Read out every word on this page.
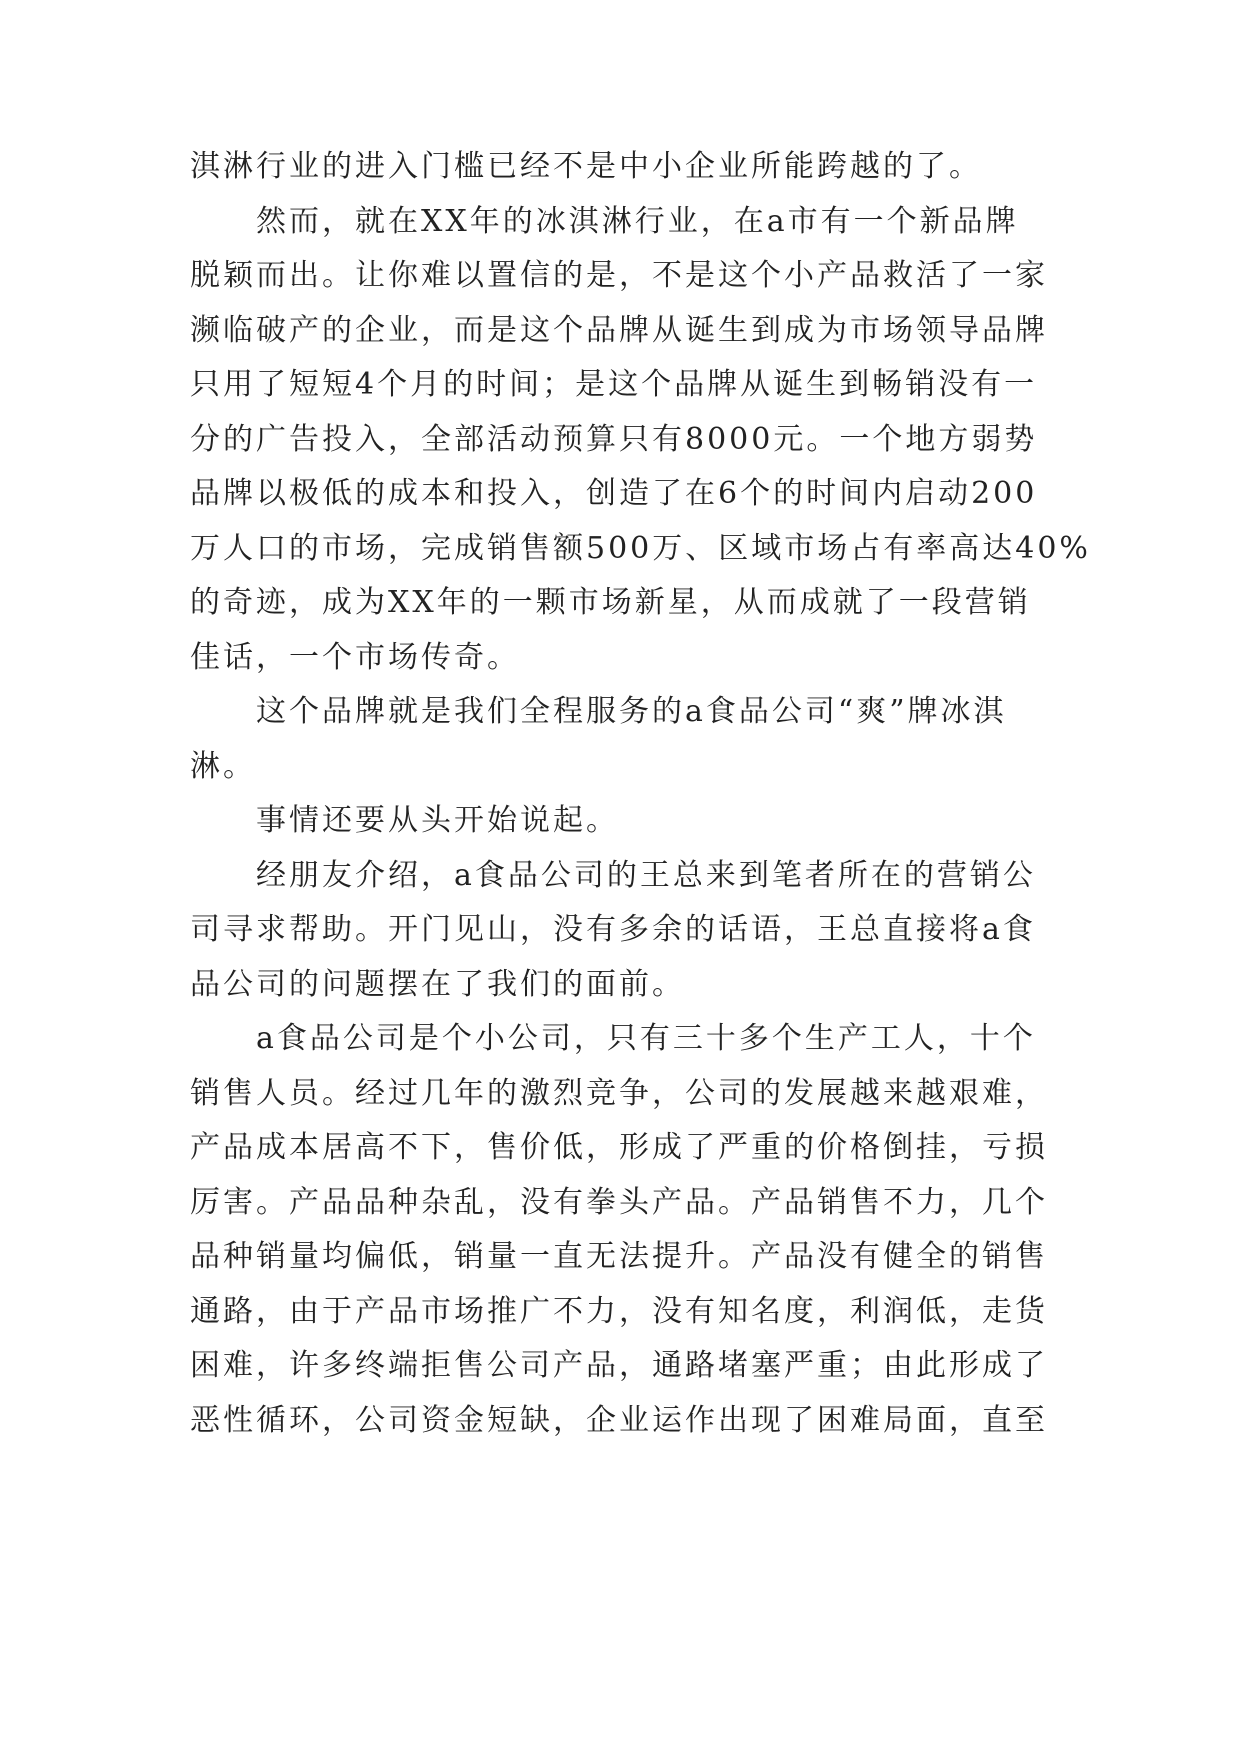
淇淋行业的进入门槛已经不是中小企业所能跨越的了。
然而，就在XX年的冰淇淋行业，在a市有一个新品牌
脱颖而出。让你难以置信的是，不是这个小产品救活了一家
濒临破产的企业，而是这个品牌从诞生到成为市场领导品牌
只用了短短4个月的时间；是这个品牌从诞生到畅销没有一
分的广告投入，全部活动预算只有8000元。一个地方弱势
品牌以极低的成本和投入，创造了在6个的时间内启动200
万人口的市场，完成销售额500万、区域市场占有率高达40%
的奇迹，成为XX年的一颗市场新星，从而成就了一段营销
佳话，一个市场传奇。
这个品牌就是我们全程服务的a食品公司“爽”牌冰淇
淋。
事情还要从头开始说起。
经朋友介绍，a食品公司的王总来到笔者所在的营销公
司寻求帮助。开门见山，没有多余的话语，王总直接将a食
品公司的问题摆在了我们的面前。
a食品公司是个小公司，只有三十多个生产工人，十个
销售人员。经过几年的激烈竞争，公司的发展越来越艰难，
产品成本居高不下，售价低，形成了严重的价格倒挂，亏损
厉害。产品品种杂乱，没有拳头产品。产品销售不力，几个
品种销量均偏低，销量一直无法提升。产品没有健全的销售
通路，由于产品市场推广不力，没有知名度，利润低，走货
困难，许多终端拒售公司产品，通路堵塞严重；由此形成了
恶性循环，公司资金短缺，企业运作出现了困难局面，直至
